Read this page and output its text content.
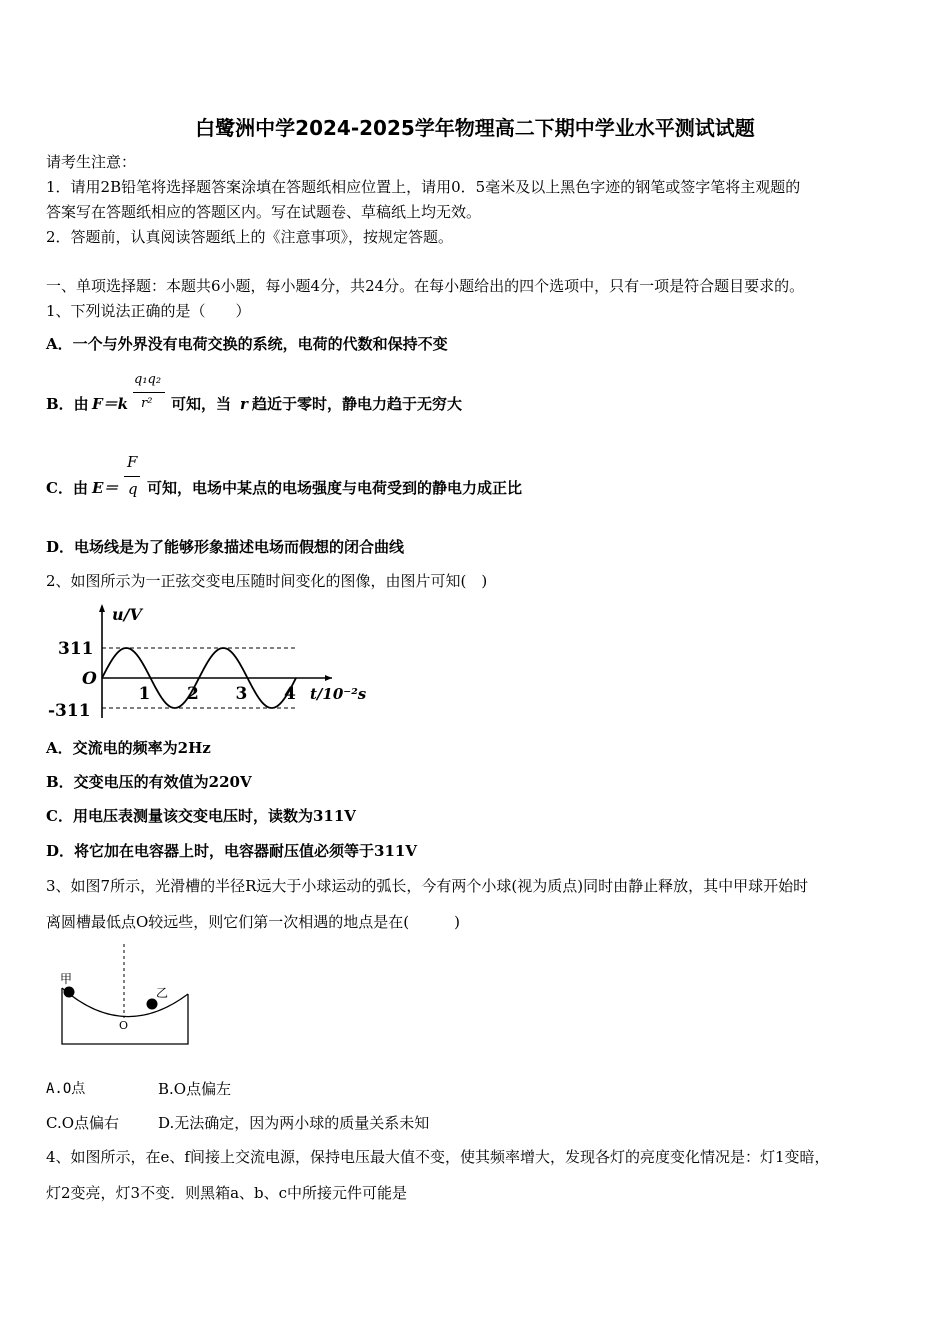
白鹭洲中学2024-2025学年物理高二下期中学业水平测试试题
请考生注意：
1．请用2B铅笔将选择题答案涂填在答题纸相应位置上，请用0．5毫米及以上黑色字迹的钢笔或签字笔将主观题的
答案写在答题纸相应的答题区内。写在试题卷、草稿纸上均无效。
2．答题前，认真阅读答题纸上的《注意事项》，按规定答题。
一、单项选择题：本题共6小题，每小题4分，共24分。在每小题给出的四个选项中，只有一项是符合题目要求的。
1、下列说法正确的是（　　）
A．一个与外界没有电荷交换的系统，电荷的代数和保持不变
B．由 F＝k
q₁q₂
r² 可知，当 r 趋近于零时，静电力趋于无穷大
C．由 E＝
F
q 可知，电场中某点的电场强度与电荷受到的静电力成正比
D．电场线是为了能够形象描述电场而假想的闭合曲线
2、如图所示为一正弦交变电压随时间变化的图像，由图片可知(　)
311
O
-311
1 2 3 4
u/V
t/10⁻²s
A．交流电的频率为2Hz
B．交变电压的有效值为220V
C．用电压表测量该交变电压时，读数为311V
D．将它加在电容器上时，电容器耐压值必须等于311V
3、如图7所示，光滑槽的半径R远大于小球运动的弧长，今有两个小球(视为质点)同时由静止释放，其中甲球开始时
离圆槽最低点O较远些，则它们第一次相遇的地点是在(　　　)
甲
乙
O
A.O点	B.O点偏左
C.O点偏右	D.无法确定，因为两小球的质量关系未知
4、如图所示，在e、f间接上交流电源，保持电压最大值不变，使其频率增大，发现各灯的亮度变化情况是：灯1变暗，
灯2变亮，灯3不变．则黑箱a、b、c中所接元件可能是
